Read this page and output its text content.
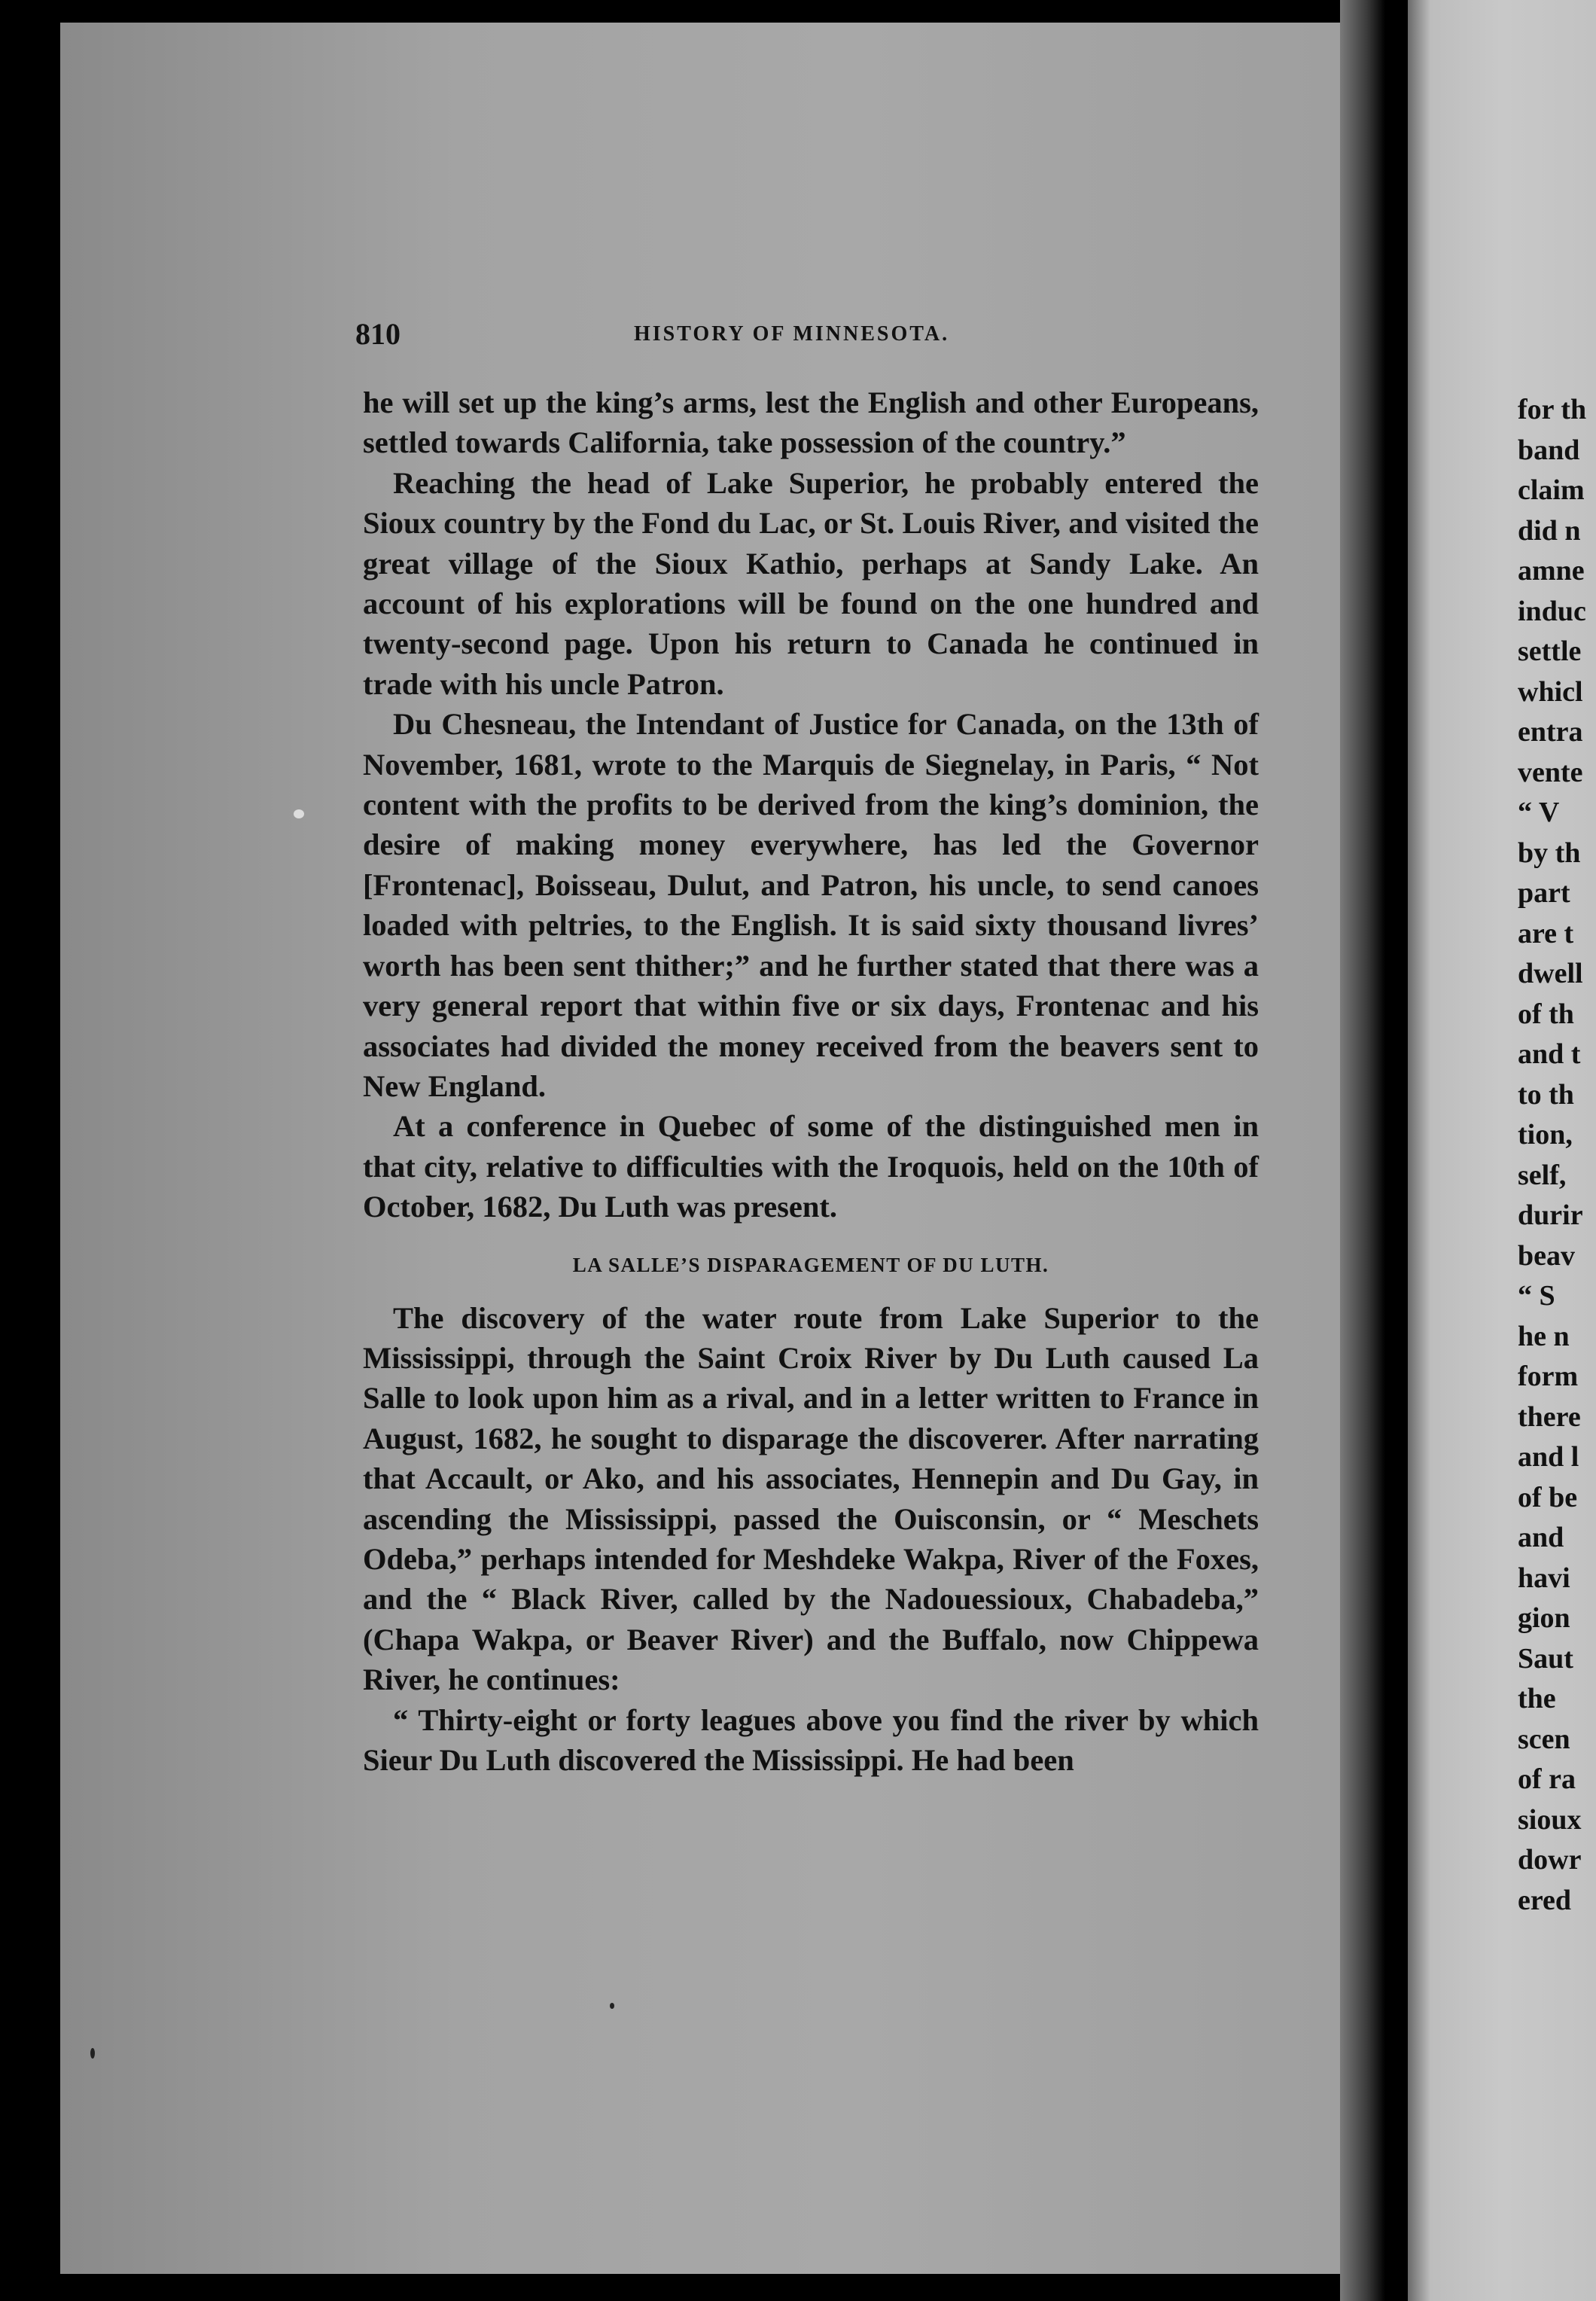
810	HISTORY OF MINNESOTA.

he will set up the king’s arms, lest the English and other Europeans, settled towards California, take possession of the country.”

Reaching the head of Lake Superior, he probably entered the Sioux country by the Fond du Lac, or St. Louis River, and visited the great village of the Sioux Kathio, perhaps at Sandy Lake. An account of his explorations will be found on the one hundred and twenty-second page. Upon his return to Canada he continued in trade with his uncle Patron.

Du Chesneau, the Intendant of Justice for Canada, on the 13th of November, 1681, wrote to the Marquis de Siegnelay, in Paris, “ Not content with the profits to be derived from the king’s dominion, the desire of making money everywhere, has led the Governor [Frontenac], Boisseau, Dulut, and Patron, his uncle, to send canoes loaded with peltries, to the English. It is said sixty thousand livres’ worth has been sent thither;” and he further stated that there was a very general report that within five or six days, Frontenac and his associates had divided the money received from the beavers sent to New England.

At a conference in Quebec of some of the distinguished men in that city, relative to difficulties with the Iroquois, held on the 10th of October, 1682, Du Luth was present.

LA SALLE’S DISPARAGEMENT OF DU LUTH.

The discovery of the water route from Lake Superior to the Mississippi, through the Saint Croix River by Du Luth caused La Salle to look upon him as a rival, and in a letter written to France in August, 1682, he sought to disparage the discoverer. After narrating that Accault, or Ako, and his associates, Hennepin and Du Gay, in ascending the Mississippi, passed the Ouisconsin, or “ Meschets Odeba,” perhaps intended for Meshdeke Wakpa, River of the Foxes, and the “ Black River, called by the Nadouessioux, Chabadeba,” (Chapa Wakpa, or Beaver River) and the Buffalo, now Chippewa River, he continues:

“ Thirty-eight or forty leagues above you find the river by which Sieur Du Luth discovered the Mississippi. He had been

for th
band
claim
did n
amne
induc
settle
whicl
entra
vente
“ V
by th
part
are t
dwell
of th
and t
to th
tion,
self,
durir
beav
“ S
he n
form
there
and l
of be
and
havi
gion
Saut
the
scen
of ra
sioux
dowr
ered
